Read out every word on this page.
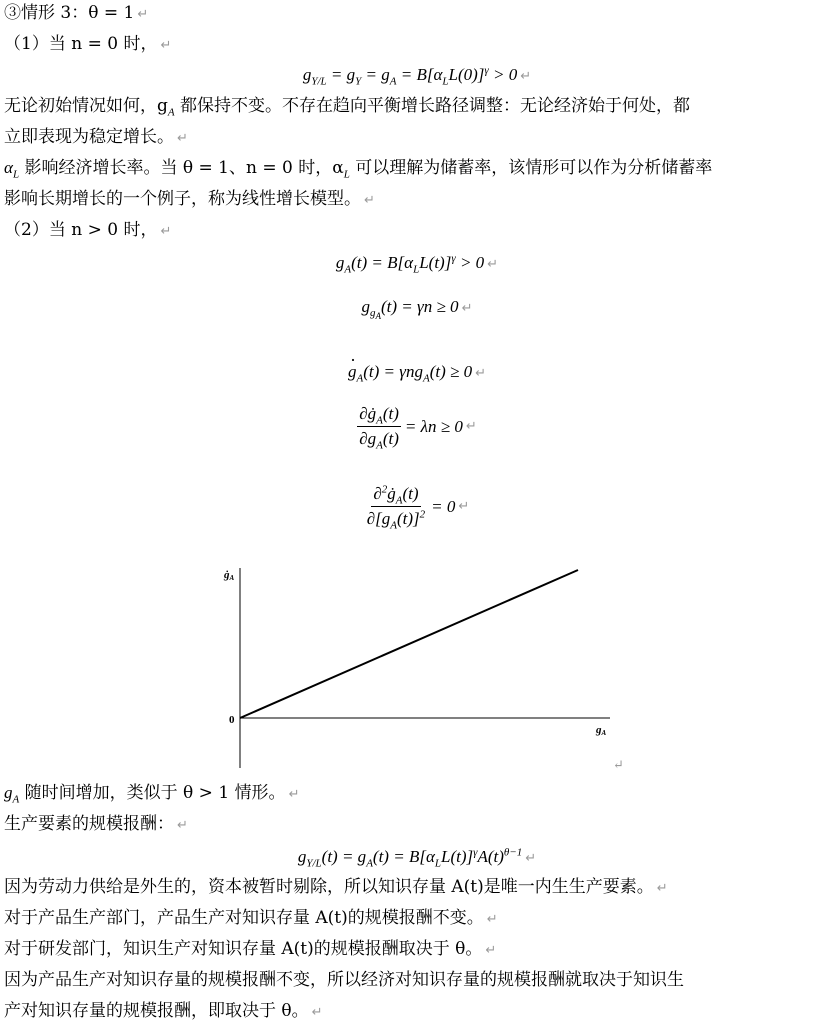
③情形 3：θ = 1 ↵
（1）当 n = 0 时， ↵
$g_{Y/L} = g_Y = g_A = B[\alpha_LL(0)]^\gamma > 0$ ↵
无论初始情况如何，$g_A$ 都保持不变。不存在趋向平衡增长路径调整：无论经济始于何处，都
立即表现为稳定增长。 ↵
$\alpha_L$ 影响经济增长率。当 θ = 1、n = 0 时，$\alpha_L$ 可以理解为储蓄率，该情形可以作为分析储蓄率
影响长期增长的一个例子，称为线性增长模型。 ↵
（2）当 n > 0 时， ↵
$g_A(t) = B[\alpha_LL(t)]^\gamma > 0$ ↵
$g_{g_A}(t) = \gamma n \ge 0$ ↵
· $g_A(t) = \gamma ng_A(t) \ge 0$ ↵
$\frac{\partial ġ_A(t)}{\partial g_A(t)} = \lambda n \ge 0$ ↵
$\frac{\partial^2ġ_A(t)}{\partial[g_A(t)]^2} = 0$ ↵
ġA
gA
0
↵
$g_A$ 随时间增加，类似于 θ > 1 情形。 ↵
生产要素的规模报酬： ↵
$g_{Y/L}(t) = g_A(t) = B[\alpha_LL(t)]^\gamma A(t)^{\theta-1}$ ↵
因为劳动力供给是外生的，资本被暂时剔除，所以知识存量 A(t)是唯一内生生产要素。 ↵
对于产品生产部门，产品生产对知识存量 A(t)的规模报酬不变。 ↵
对于研发部门，知识生产对知识存量 A(t)的规模报酬取决于 θ。 ↵
因为产品生产对知识存量的规模报酬不变，所以经济对知识存量的规模报酬就取决于知识生
产对知识存量的规模报酬，即取决于 θ。 ↵
